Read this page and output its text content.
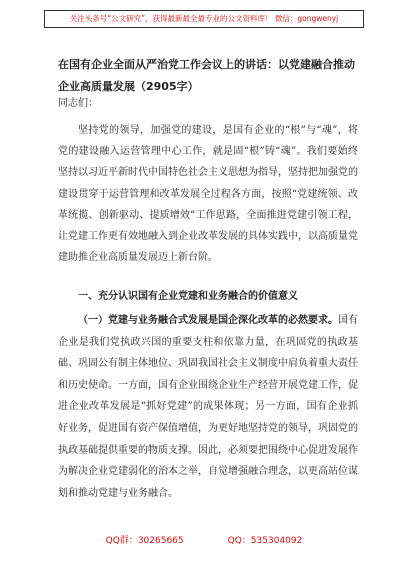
关注头条号“公文研究”，获得最新最全最专业的公文资料库！ 微信：gongwenyj
在国有企业全面从严治党工作会议上的讲话：以党建融合推动企业高质量发展（2905字）
同志们：

坚持党的领导，加强党的建设，是国有企业的“根”与“魂”，将党的建设融入运营管理中心工作，就是固“根”铸“魂”。我们要始终坚持以习近平新时代中国特色社会主义思想为指导，坚持把加强党的建设贯穿于运营管理和改革发展全过程各方面，按照“党建统领、改革统揽、创新驱动、提质增效”工作思路，全面推进党建引领工程，让党建工作更有效地融入到企业改革发展的具体实践中，以高质量党建助推企业高质量发展迈上新台阶。

一、充分认识国有企业党建和业务融合的价值意义

（一）党建与业务融合式发展是国企深化改革的必然要求。国有企业是我们党执政兴国的重要支柱和依靠力量，在巩固党的执政基础、巩固公有制主体地位、巩固我国社会主义制度中肩负着重大责任和历史使命。一方面，国有企业围绕企业生产经营开展党建工作，促进企业改革发展是“抓好党建”的成果体现；另一方面，国有企业抓好业务，促进国有资产保值增值，为更好地坚持党的领导，巩固党的执政基础提供重要的物质支撑。因此，必须要把围绕中心促进发展作为解决企业党建弱化的治本之举，自觉增强融合理念，以更高站位谋划和推动党建与业务融合。

QQ群：30265665	QQ：535304092
